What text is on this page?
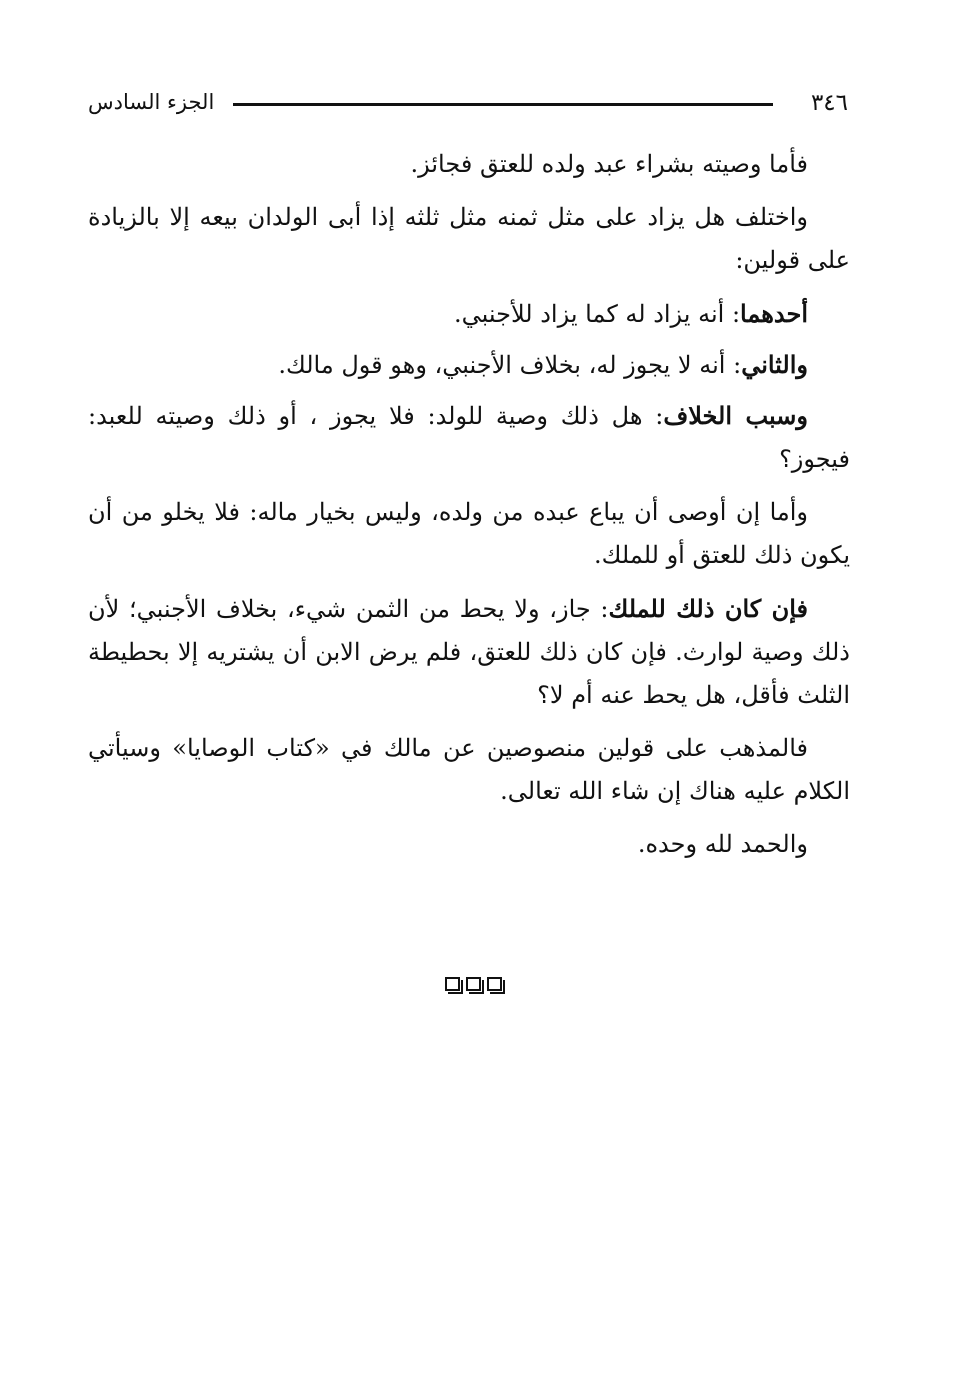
الجزء السادس	٣٤٦

فأما وصيته بشراء عبد ولده للعتق فجائز.

واختلف هل يزاد على مثل ثمنه مثل ثلثه إذا أبى الولدان بيعه إلا بالزيادة على قولين:

أحدهما: أنه يزاد له كما يزاد للأجنبي.

والثاني: أنه لا يجوز له، بخلاف الأجنبي، وهو قول مالك.

وسبب الخلاف: هل ذلك وصية للولد: فلا يجوز ، أو ذلك وصيته للعبد: فيجوز؟

وأما إن أوصى أن يباع عبده من ولده، وليس بخيار ماله: فلا يخلو من أن يكون ذلك للعتق أو للملك.

فإن كان ذلك للملك: جاز، ولا يحط من الثمن شيء، بخلاف الأجنبي؛ لأن ذلك وصية لوارث. فإن كان ذلك للعتق، فلم يرض الابن أن يشتريه إلا بحطيطة الثلث فأقل، هل يحط عنه أم لا؟

فالمذهب على قولين منصوصين عن مالك في «كتاب الوصايا» وسيأتي الكلام عليه هناك إن شاء الله تعالى.

والحمد لله وحده.
